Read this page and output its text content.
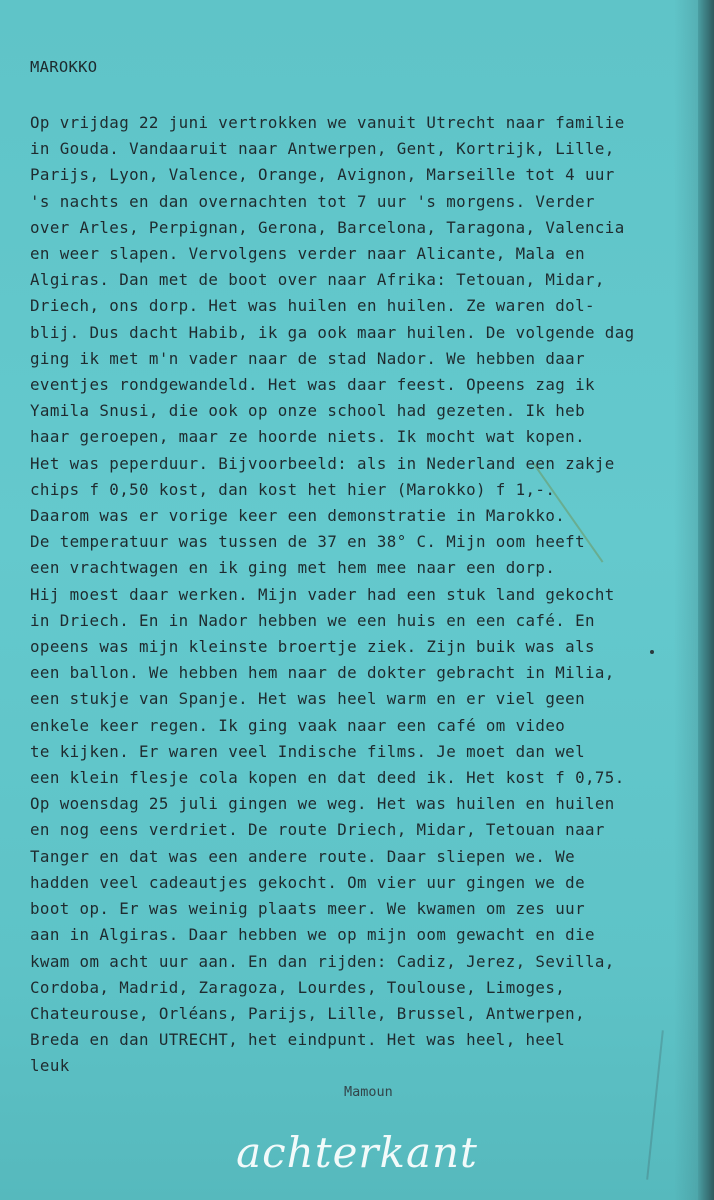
MAROKKO
Op vrijdag 22 juni vertrokken we vanuit Utrecht naar familie
in Gouda. Vandaaruit naar Antwerpen, Gent, Kortrijk, Lille,
Parijs, Lyon, Valence, Orange, Avignon, Marseille tot 4 uur
's nachts en dan overnachten tot 7 uur 's morgens. Verder
over Arles, Perpignan, Gerona, Barcelona, Taragona, Valencia
en weer slapen. Vervolgens verder naar Alicante, Mala en
Algiras. Dan met de boot over naar Afrika: Tetouan, Midar,
Driech, ons dorp. Het was huilen en huilen. Ze waren dol-
blij. Dus dacht Habib, ik ga ook maar huilen. De volgende dag
ging ik met m'n vader naar de stad Nador. We hebben daar
eventjes rondgewandeld. Het was daar feest. Opeens zag ik
Yamila Snusi, die ook op onze school had gezeten. Ik heb
haar geroepen, maar ze hoorde niets. Ik mocht wat kopen.
Het was peperduur. Bijvoorbeeld: als in Nederland een zakje
chips f 0,50 kost, dan kost het hier (Marokko) f 1,-.
Daarom was er vorige keer een demonstratie in Marokko.
De temperatuur was tussen de 37 en 38° C. Mijn oom heeft
een vrachtwagen en ik ging met hem mee naar een dorp.
Hij moest daar werken. Mijn vader had een stuk land gekocht
in Driech. En in Nador hebben we een huis en een café. En
opeens was mijn kleinste broertje ziek. Zijn buik was als
een ballon. We hebben hem naar de dokter gebracht in Milia,
een stukje van Spanje. Het was heel warm en er viel geen
enkele keer regen. Ik ging vaak naar een café om video
te kijken. Er waren veel Indische films. Je moet dan wel
een klein flesje cola kopen en dat deed ik. Het kost f 0,75.
Op woensdag 25 juli gingen we weg. Het was huilen en huilen
en nog eens verdriet. De route Driech, Midar, Tetouan naar
Tanger en dat was een andere route. Daar sliepen we. We
hadden veel cadeautjes gekocht. Om vier uur gingen we de
boot op. Er was weinig plaats meer. We kwamen om zes uur
aan in Algiras. Daar hebben we op mijn oom gewacht en die
kwam om acht uur aan. En dan rijden: Cadiz, Jerez, Sevilla,
Cordoba, Madrid, Zaragoza, Lourdes, Toulouse, Limoges,
Chateurouse, Orléans, Parijs, Lille, Brussel, Antwerpen,
Breda en dan UTRECHT, het eindpunt. Het was heel, heel
leuk
Mamoun
achterkant
